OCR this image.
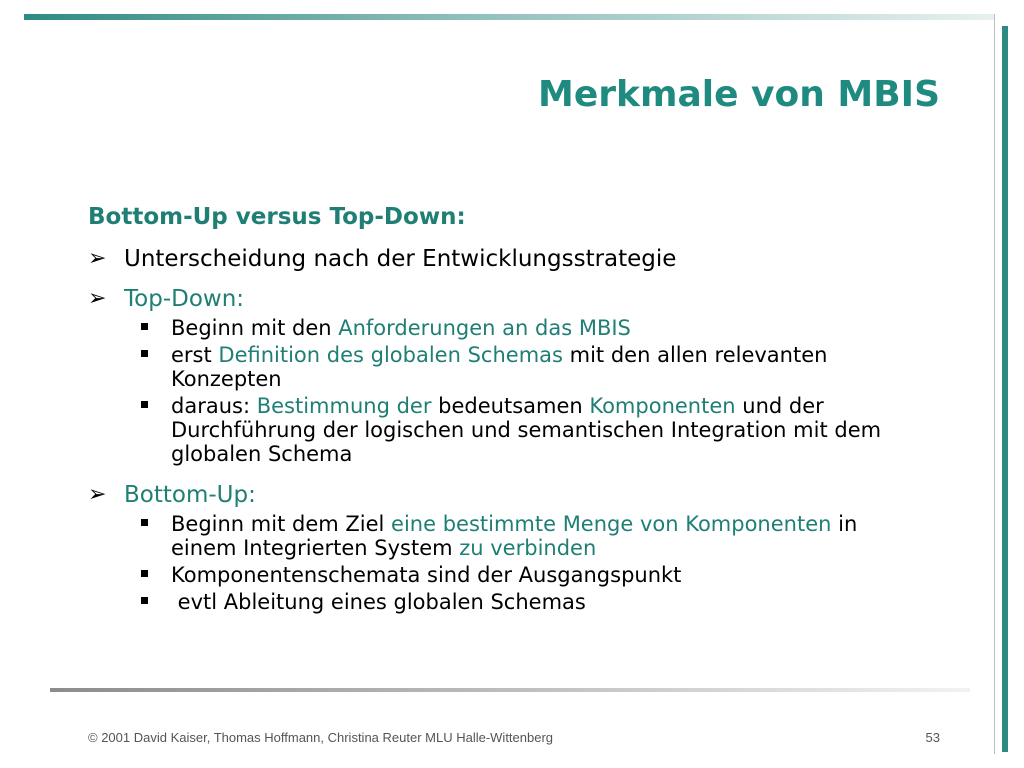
Merkmale von MBIS
Bottom-Up versus Top-Down:
➢ Unterscheidung nach der Entwicklungsstrategie
➢ Top-Down:
Beginn mit den Anforderungen an das MBIS
erst Definition des globalen Schemas mit den allen relevanten
Konzepten
daraus: Bestimmung der bedeutsamen Komponenten und der
Durchführung der logischen und semantischen Integration mit dem
globalen Schema
➢ Bottom-Up:
Beginn mit dem Ziel eine bestimmte Menge von Komponenten in
einem Integrierten System zu verbinden
Komponentenschemata sind der Ausgangspunkt
evtl Ableitung eines globalen Schemas
© 2001 David Kaiser, Thomas Hoffmann, Christina Reuter MLU Halle-Wittenberg	53
